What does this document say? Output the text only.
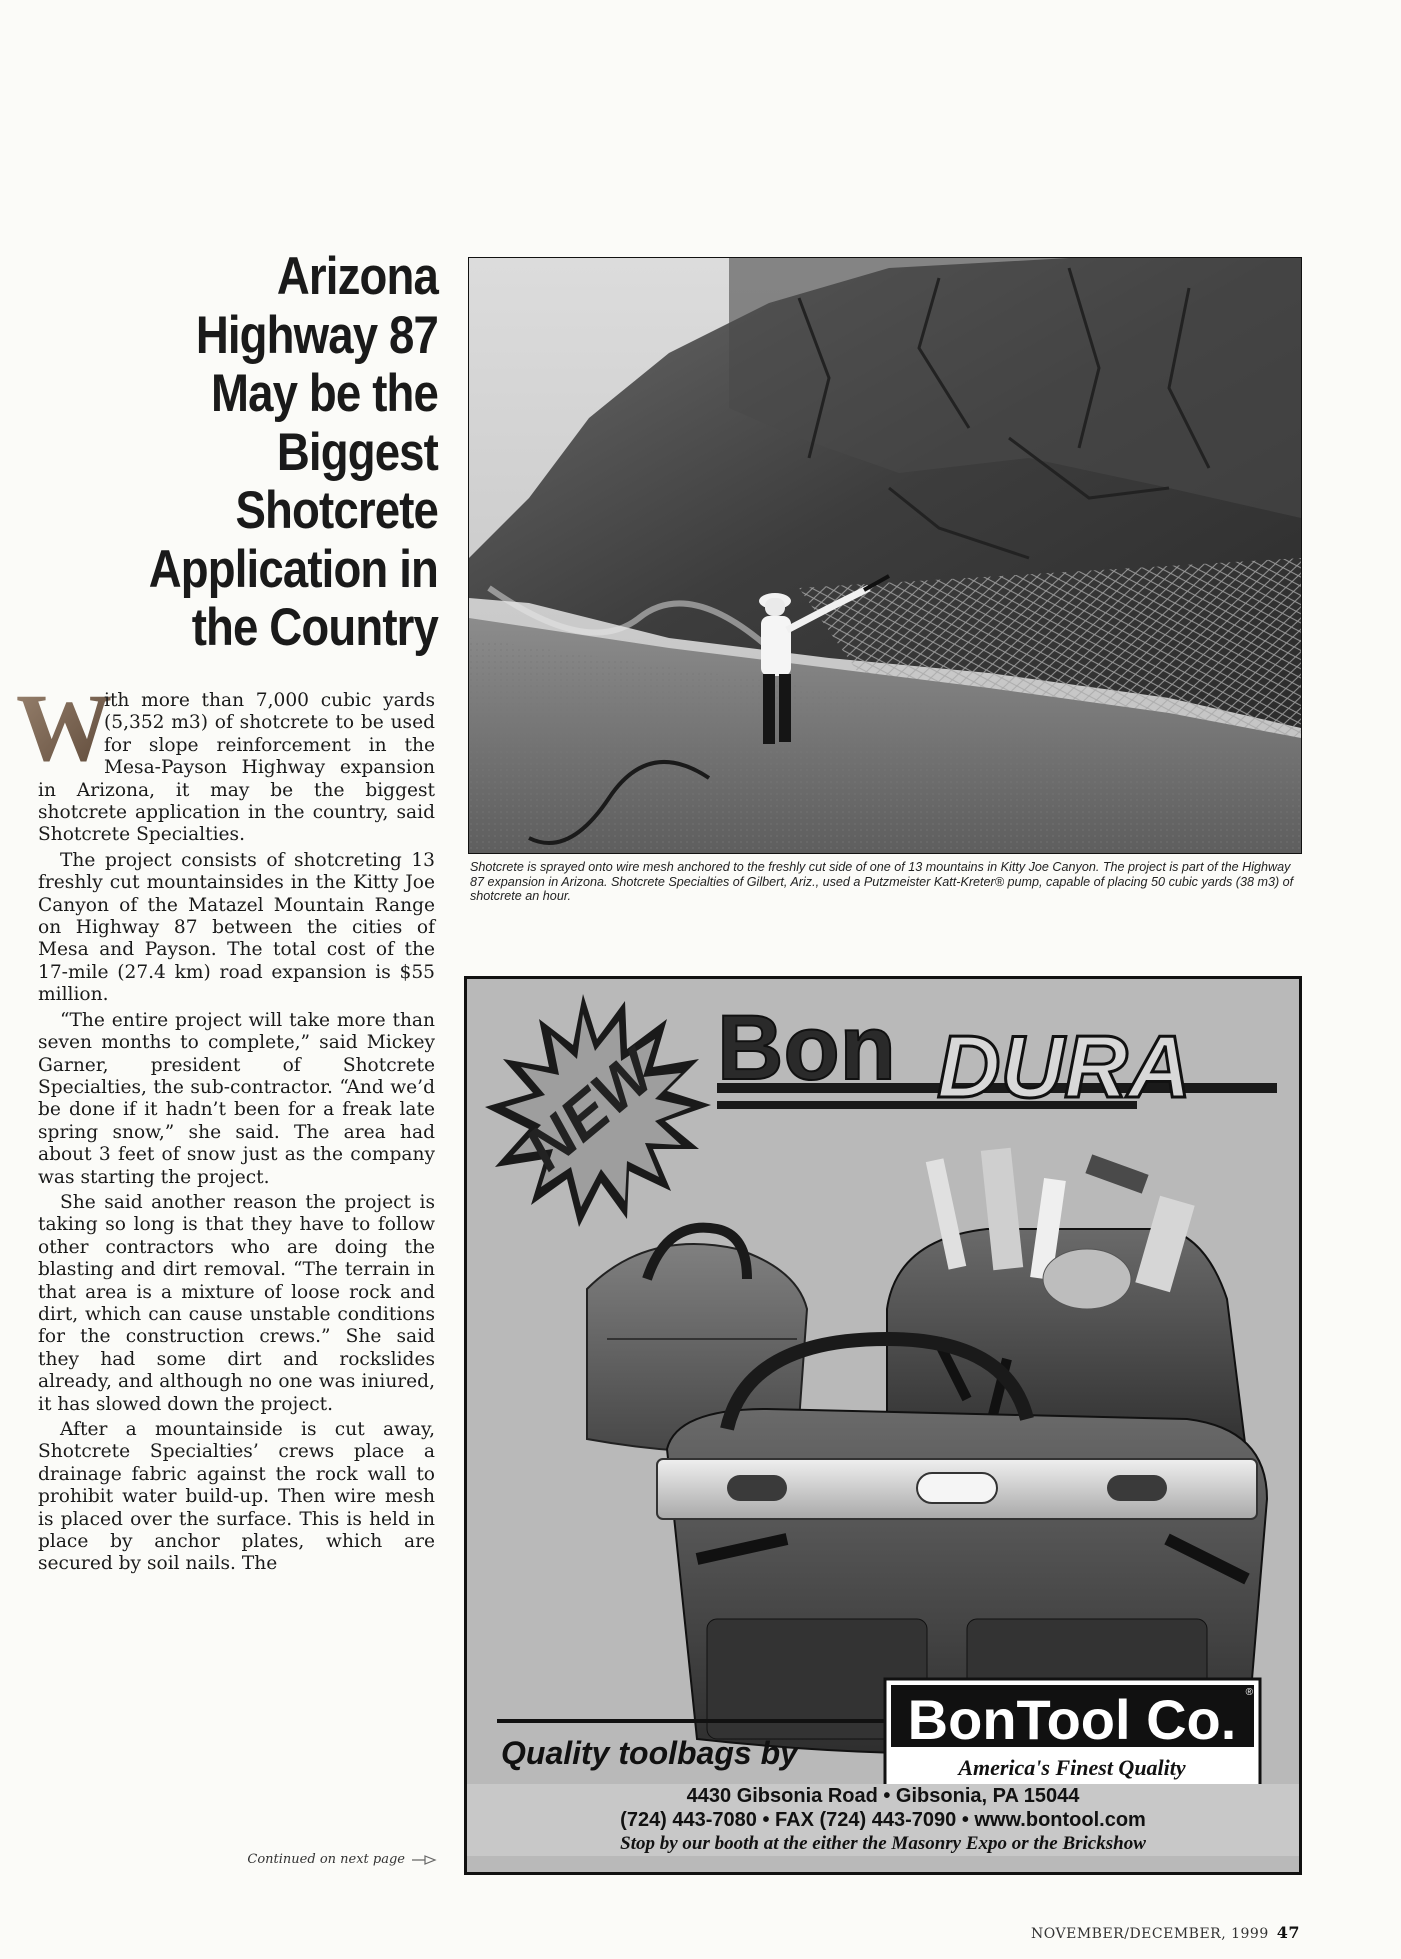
Arizona
Highway 87
May be the
Biggest
Shotcrete
Application in
the Country

W
ith more than 7,000 cubic yards (5,352 m3) of shotcrete to be used for slope reinforcement in the Mesa-Payson Highway expansion in Arizona, it may be the biggest shotcrete application in the country, said Shotcrete Specialties.

The project consists of shotcreting 13 freshly cut mountainsides in the Kitty Joe Canyon of the Matazel Mountain Range on Highway 87 between the cities of Mesa and Payson. The total cost of the 17-mile (27.4 km) road expansion is $55 million.

“The entire project will take more than seven months to complete,” said Mickey Garner, president of Shotcrete Specialties, the sub-contractor. “And we’d be done if it hadn’t been for a freak late spring snow,” she said. The area had about 3 feet of snow just as the company was starting the project.

She said another reason the project is taking so long is that they have to follow other contractors who are doing the blasting and dirt removal. “The terrain in that area is a mixture of loose rock and dirt, which can cause unstable conditions for the construction crews.” She said they had some dirt and rockslides already, and although no one was iniured, it has slowed down the project.

After a mountainside is cut away, Shotcrete Specialties’ crews place a drainage fabric against the rock wall to prohibit water build-up. Then wire mesh is placed over the surface. This is held in place by anchor plates, which are secured by soil nails. The

Continued on next page
Shotcrete is sprayed onto wire mesh anchored to the freshly cut side of one of 13 mountains in Kitty Joe Canyon. The project is part of the Highway 87 expansion in Arizona. Shotcrete Specialties of Gilbert, Ariz., used a Putzmeister Katt-Kreter® pump, capable of placing 50 cubic yards (38 m3) of shotcrete an hour.
NEW Bon DURA
Quality toolbags by
BonTool Co. ®
America's Finest Quality
4430 Gibsonia Road • Gibsonia, PA 15044
(724) 443-7080 • FAX (724) 443-7090 • www.bontool.com
Stop by our booth at the either the Masonry Expo or the Brickshow
NOVEMBER/DECEMBER, 1999 47
